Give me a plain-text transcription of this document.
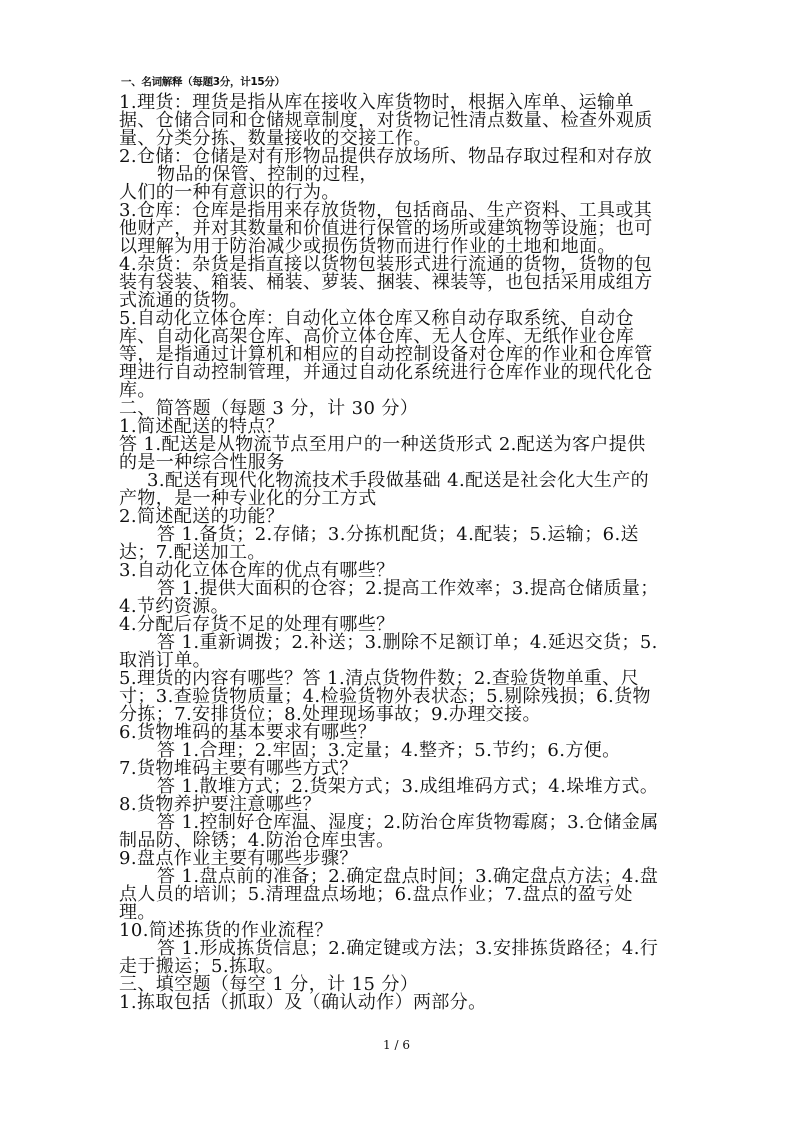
一、名词解释（每题3分，计15分）
1.理货：理货是指从库在接收入库货物时，根据入库单、运输单
据、仓储合同和仓储规章制度，对货物记性清点数量、检查外观质
量、分类分拣、数量接收的交接工作。
2.仓储：仓储是对有形物品提供存放场所、物品存取过程和对存放
物品的保管、控制的过程，
人们的一种有意识的行为。
3.仓库：仓库是指用来存放货物，包括商品、生产资料、工具或其
他财产，并对其数量和价值进行保管的场所或建筑物等设施；也可
以理解为用于防治减少或损伤货物而进行作业的土地和地面。
4.杂货：杂货是指直接以货物包装形式进行流通的货物，货物的包
装有袋装、箱装、桶装、萝装、捆装、裸装等，也包括采用成组方
式流通的货物。
5.自动化立体仓库：自动化立体仓库又称自动存取系统、自动仓
库、自动化高架仓库、高价立体仓库、无人仓库、无纸作业仓库
等，是指通过计算机和相应的自动控制设备对仓库的作业和仓库管
理进行自动控制管理，并通过自动化系统进行仓库作业的现代化仓
库。
二、简答题（每题 3 分，计 30 分）
1.简述配送的特点？
答 1.配送是从物流节点至用户的一种送货形式 2.配送为客户提供
的是一种综合性服务
3.配送有现代化物流技术手段做基础 4.配送是社会化大生产的
产物，是一种专业化的分工方式
2.简述配送的功能？
答 1.备货；2.存储；3.分拣机配货；4.配装；5.运输；6.送
达；7.配送加工。
3.自动化立体仓库的优点有哪些？
答 1.提供大面积的仓容；2.提高工作效率；3.提高仓储质量；
4.节约资源。
4.分配后存货不足的处理有哪些？
答 1.重新调拨；2.补送；3.删除不足额订单；4.延迟交货；5.
取消订单。
5.理货的内容有哪些？答 1.清点货物件数；2.查验货物单重、尺
寸；3.查验货物质量；4.检验货物外表状态；5.剔除残损；6.货物
分拣；7.安排货位；8.处理现场事故；9.办理交接。
6.货物堆码的基本要求有哪些？
答 1.合理；2.牢固；3.定量；4.整齐；5.节约；6.方便。
7.货物堆码主要有哪些方式？
答 1.散堆方式；2.货架方式；3.成组堆码方式；4.垛堆方式。
8.货物养护要注意哪些？
答 1.控制好仓库温、湿度；2.防治仓库货物霉腐；3.仓储金属
制品防、除锈；4.防治仓库虫害。
9.盘点作业主要有哪些步骤？
答 1.盘点前的准备；2.确定盘点时间；3.确定盘点方法；4.盘
点人员的培训；5.清理盘点场地；6.盘点作业；7.盘点的盈亏处
理。
10.简述拣货的作业流程？
答 1.形成拣货信息；2.确定键或方法；3.安排拣货路径；4.行
走于搬运；5.拣取。
三、填空题（每空 1 分，计 15 分）
1.拣取包括（抓取）及（确认动作）两部分。
1 / 6
